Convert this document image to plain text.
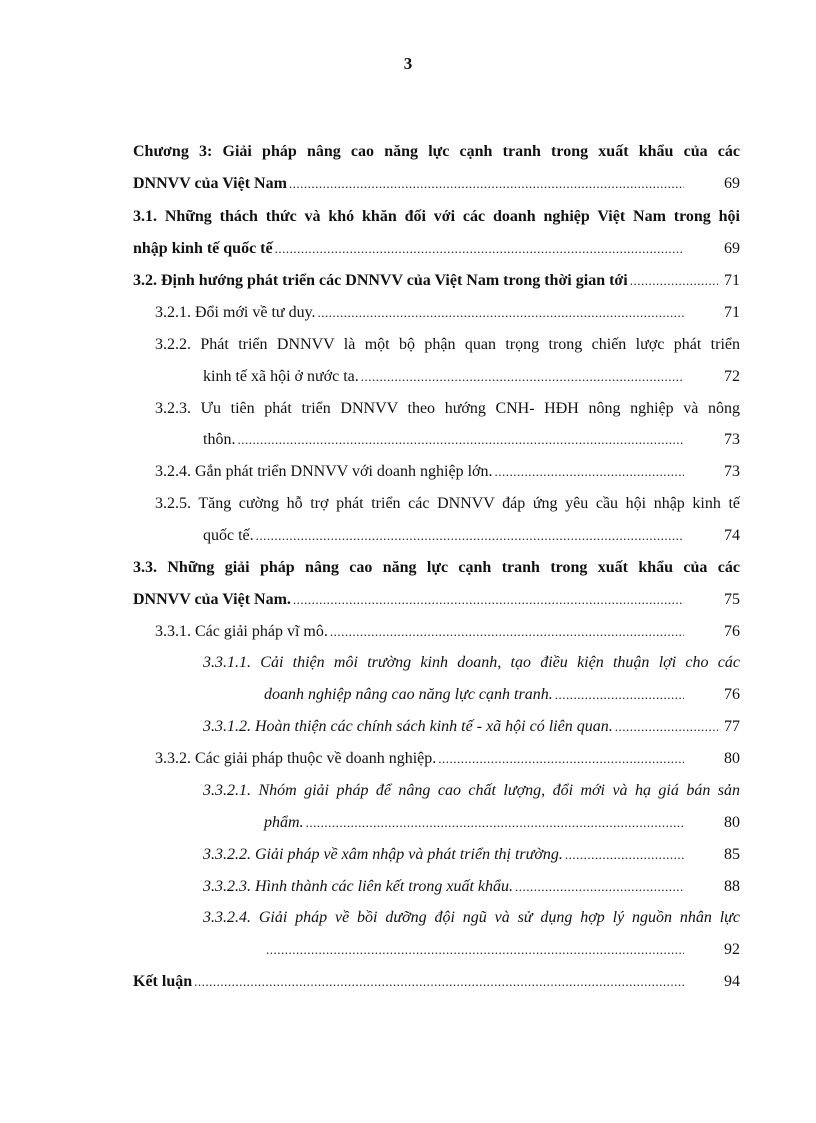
3
Chương 3: Giải pháp nâng cao năng lực cạnh tranh trong xuất khẩu của các
DNNVV của Việt Nam .....	69
3.1. Những thách thức và khó khăn đối với các doanh nghiệp Việt Nam trong hội
nhập kinh tế quốc tế .....	69
3.2. Định hướng phát triển các DNNVV của Việt Nam trong thời gian tới .....	71
3.2.1. Đổi mới về tư duy. .....	71
3.2.2. Phát triển DNNVV là một bộ phận quan trọng trong chiến lược phát triển
kinh tế xã hội ở nước ta. .....	72
3.2.3. Ưu tiên phát triển DNNVV theo hướng CNH- HĐH nông nghiệp và nông
thôn. .....	73
3.2.4. Gắn phát triển DNNVV với doanh nghiệp lớn. .....	73
3.2.5. Tăng cường hỗ trợ phát triển các DNNVV đáp ứng yêu cầu hội nhập kinh tế
quốc tế. .....	74
3.3. Những giải pháp nâng cao năng lực cạnh tranh trong xuất khẩu của các
DNNVV của Việt Nam. .....	75
3.3.1. Các giải pháp vĩ mô. .....	76
3.3.1.1. Cải thiện môi trường kinh doanh, tạo điều kiện thuận lợi cho các
doanh nghiệp nâng cao năng lực cạnh tranh. .....	76
3.3.1.2. Hoàn thiện các chính sách kinh tế - xã hội có liên quan. .....	77
3.3.2. Các giải pháp thuộc về doanh nghiệp. .....	80
3.3.2.1. Nhóm giải pháp để nâng cao chất lượng, đổi mới và hạ giá bán sản
phẩm. .....	80
3.3.2.2. Giải pháp về xâm nhập và phát triển thị trường. .....	85
3.3.2.3. Hình thành các liên kết trong xuất khẩu. .....	88
3.3.2.4. Giải pháp về bồi dưỡng đội ngũ và sử dụng hợp lý nguồn nhân lực
.....
92
Kết luận .....	94
